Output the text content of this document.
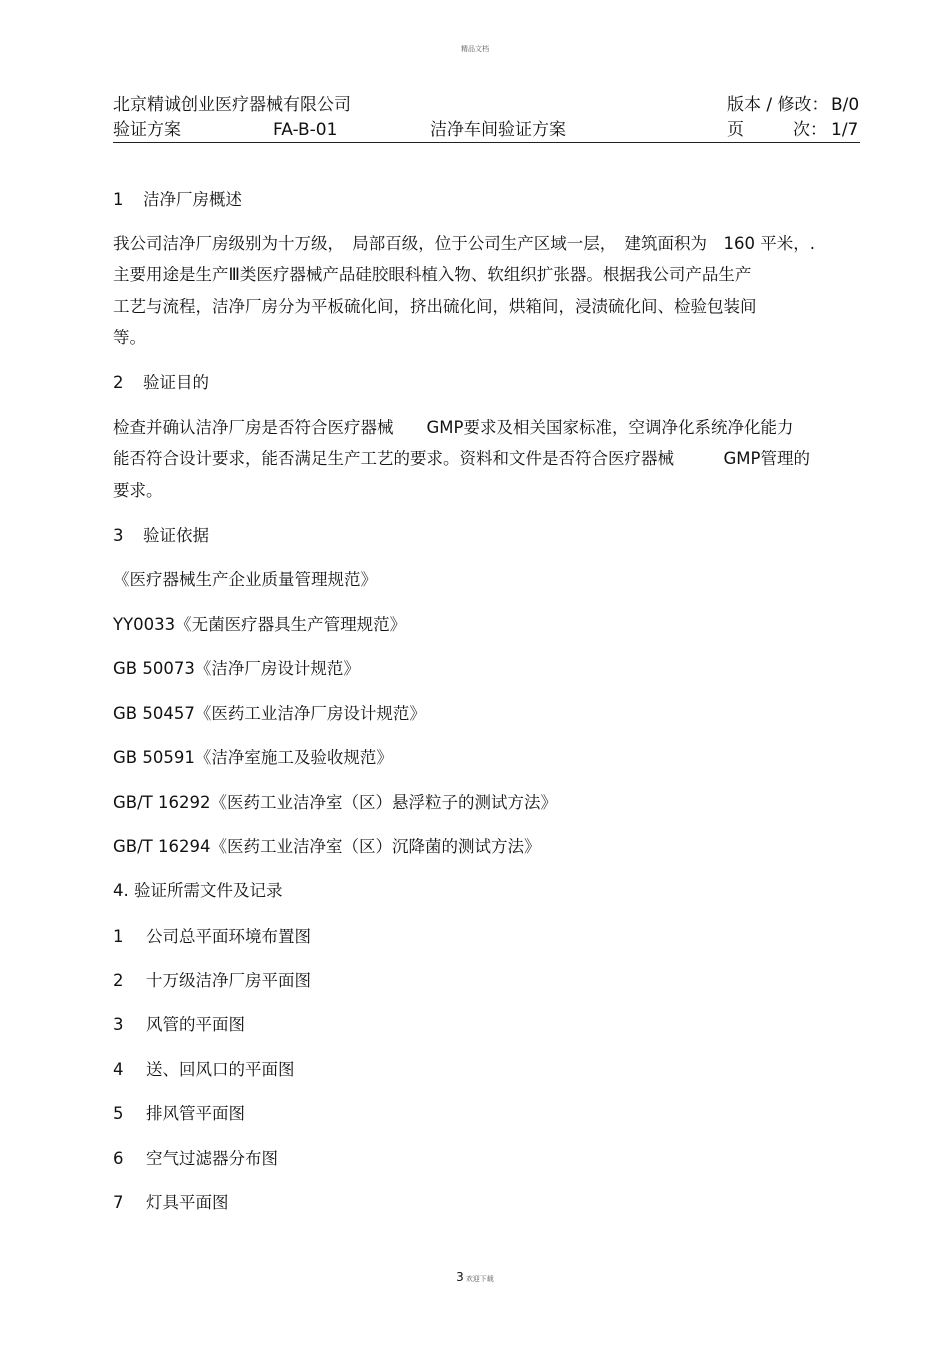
精品文档
北京精诚创业医疗器械有限公司	版本 / 修改： B/0
验证方案	FA-B-01	洁净车间验证方案	页	次： 1/7
1 洁净厂房概述
我公司洁净厂房级别为十万级，　局部百级，位于公司生产区域一层，　建筑面积为　160 平米，.
主要用途是生产Ⅲ类医疗器械产品硅胶眼科植入物、软组织扩张器。根据我公司产品生产
工艺与流程，洁净厂房分为平板硫化间，挤出硫化间，烘箱间，浸渍硫化间、检验包装间
等。
2 验证目的
检查并确认洁净厂房是否符合医疗器械　　GMP要求及相关国家标准，空调净化系统净化能力
能否符合设计要求，能否满足生产工艺的要求。资料和文件是否符合医疗器械　　　GMP管理的
要求。
3 验证依据
《医疗器械生产企业质量管理规范》
YY0033《无菌医疗器具生产管理规范》
GB 50073《洁净厂房设计规范》
GB 50457《医药工业洁净厂房设计规范》
GB 50591《洁净室施工及验收规范》
GB/T 16292《医药工业洁净室（区）悬浮粒子的测试方法》
GB/T 16294《医药工业洁净室（区）沉降菌的测试方法》
4. 验证所需文件及记录
1 公司总平面环境布置图
2 十万级洁净厂房平面图
3 风管的平面图
4 送、回风口的平面图
5 排风管平面图
6 空气过滤器分布图
7 灯具平面图
3 欢迎下载
